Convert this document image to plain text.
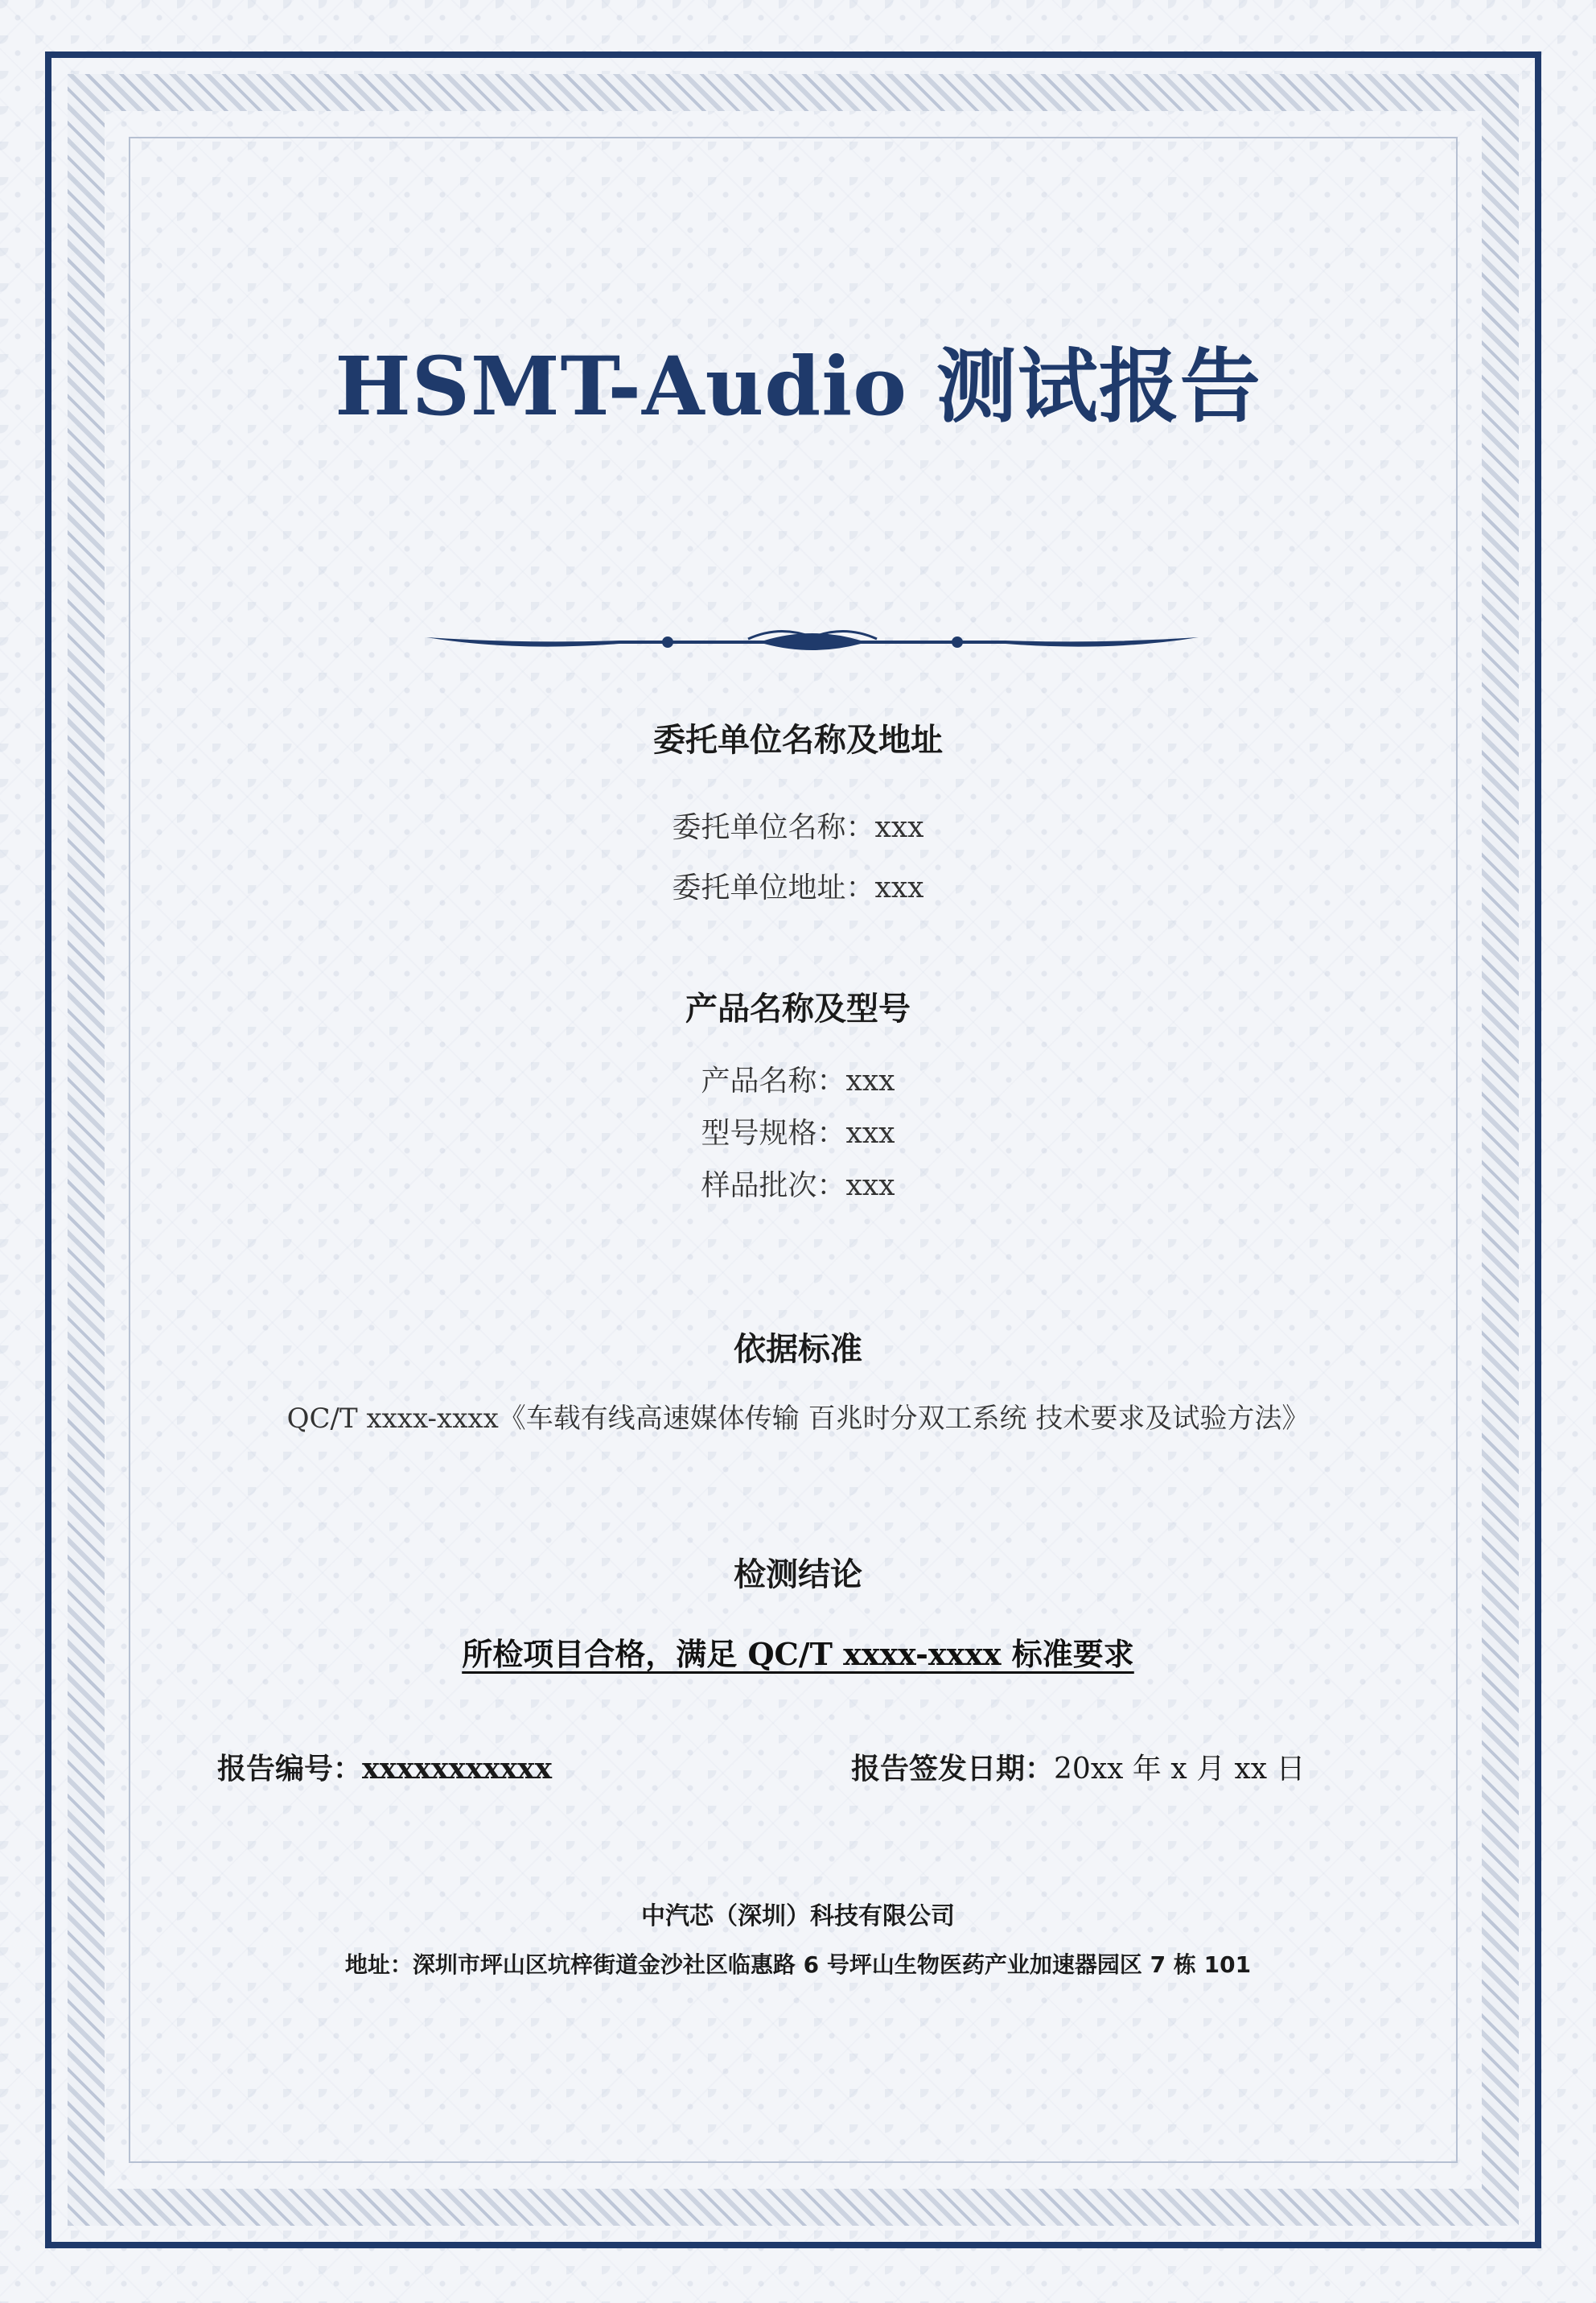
HSMT-Audio 测试报告
委托单位名称及地址
委托单位名称：xxx
委托单位地址：xxx
产品名称及型号
产品名称：xxx
型号规格：xxx
样品批次：xxx
依据标准
QC/T xxxx-xxxx《车载有线高速媒体传输 百兆时分双工系统 技术要求及试验方法》
检测结论
所检项目合格，满足 QC/T xxxx-xxxx 标准要求
报告编号：xxxxxxxxxxx	报告签发日期：20xx 年 x 月 xx 日
中汽芯（深圳）科技有限公司
地址：深圳市坪山区坑梓街道金沙社区临惠路 6 号坪山生物医药产业加速器园区 7 栋 101
